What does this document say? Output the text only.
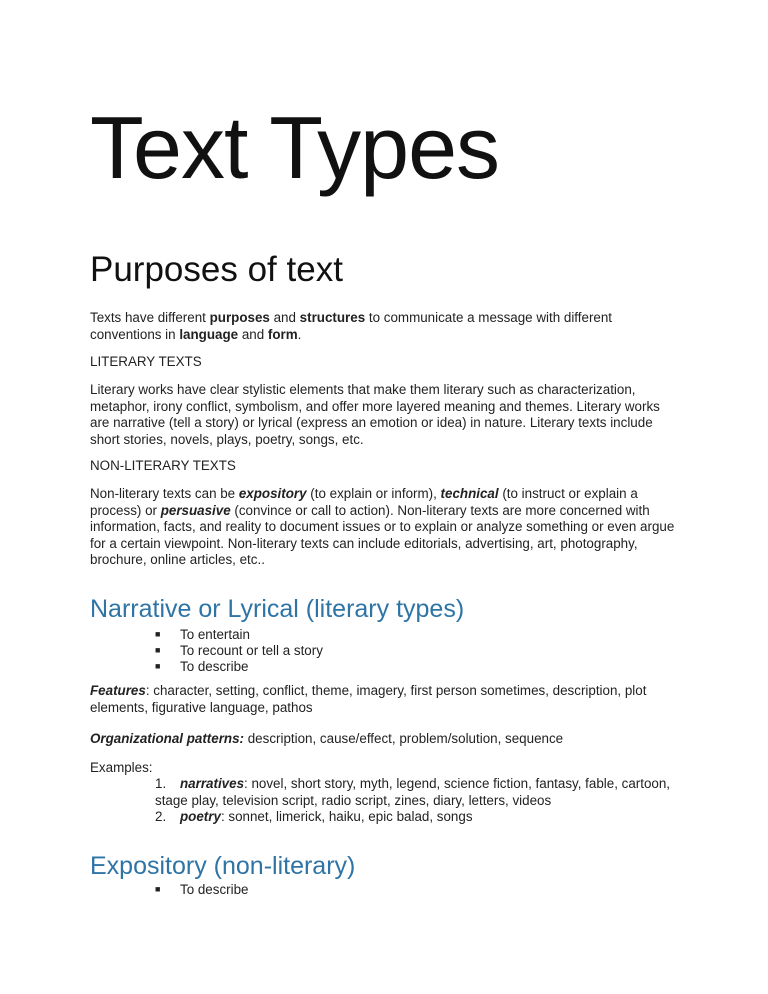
Text Types
Purposes of text
Texts have different purposes and structures to communicate a message with different conventions in language and form.
LITERARY TEXTS
Literary works have clear stylistic elements that make them literary such as characterization, metaphor, irony conflict, symbolism, and offer more layered meaning and themes. Literary works are narrative (tell a story) or lyrical (express an emotion or idea) in nature. Literary texts include short stories, novels, plays, poetry, songs, etc.
NON-LITERARY TEXTS
Non-literary texts can be expository (to explain or inform), technical (to instruct or explain a process) or persuasive (convince or call to action). Non-literary texts are more concerned with information, facts, and reality to document issues or to explain or analyze something or even argue for a certain viewpoint. Non-literary texts can include editorials, advertising, art, photography, brochure, online articles, etc..
Narrative or Lyrical (literary types)
■ To entertain
■ To recount or tell a story
■ To describe
Features: character, setting, conflict, theme, imagery, first person sometimes, description, plot elements, figurative language, pathos
Organizational patterns: description, cause/effect, problem/solution, sequence
Examples:
1. narratives: novel, short story, myth, legend, science fiction, fantasy, fable, cartoon, stage play, television script, radio script, zines, diary, letters, videos
2. poetry: sonnet, limerick, haiku, epic balad, songs
Expository (non-literary)
■ To describe
